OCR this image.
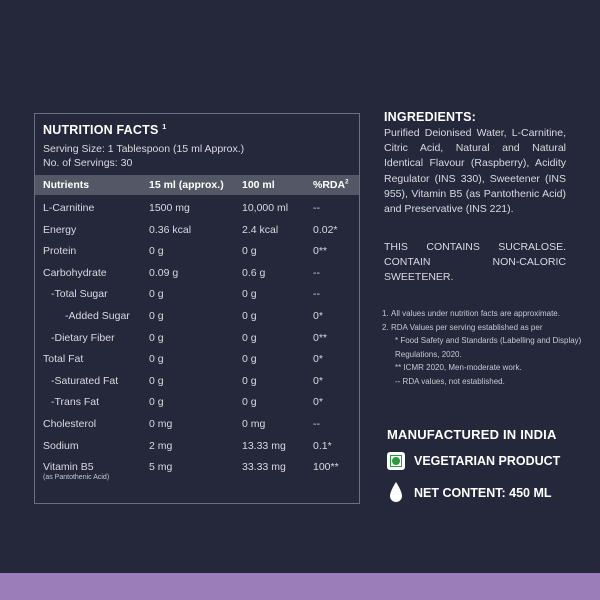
NUTRITION FACTS $^1$
Serving Size: 1 Tablespoon (15 ml Approx.)
No. of Servings: 30
Nutrients	15 ml (approx.) 100 ml	%RDA$^2$
L-Carnitine	1500 mg	10,000 ml --
Energy	0.36 kcal	2.4 kcal	0.02*
Protein	0 g	0 g	0**
Carbohydrate	0.09 g	0.6 g	--
-Total Sugar	0 g	0 g	--
-Added Sugar 0 g	0 g	0*
-Dietary Fiber	0 g	0 g	0**
Total Fat	0 g	0 g	0*
-Saturated Fat	0 g	0 g	0*
-Trans Fat	0 g	0 g	0*
Cholesterol	0 mg	0 mg	--
Sodium	2 mg	13.33 mg	0.1*
Vitamin B5	5 mg	33.33 mg	100**
(as Pantothenic Acid)
INGREDIENTS:

Purified Deionised Water, L-Carnitine, Citric Acid, Natural and Natural Identical Flavour (Raspberry), Acidity Regulator (INS 330), Sweetener (INS 955), Vitamin B5 (as Pantothenic Acid) and Preservative (INS 221).

THIS CONTAINS SUCRALOSE. CONTAIN NON-CALORIC SWEETENER.

1. All values under nutrition facts are approximate.
2. RDA Values per serving established as per
* Food Safety and Standards (Labelling and Display) Regulations, 2020.
** ICMR 2020, Men-moderate work.
-- RDA values, not established.
MANUFACTURED IN INDIA
VEGETARIAN PRODUCT
NET CONTENT: 450 ML
